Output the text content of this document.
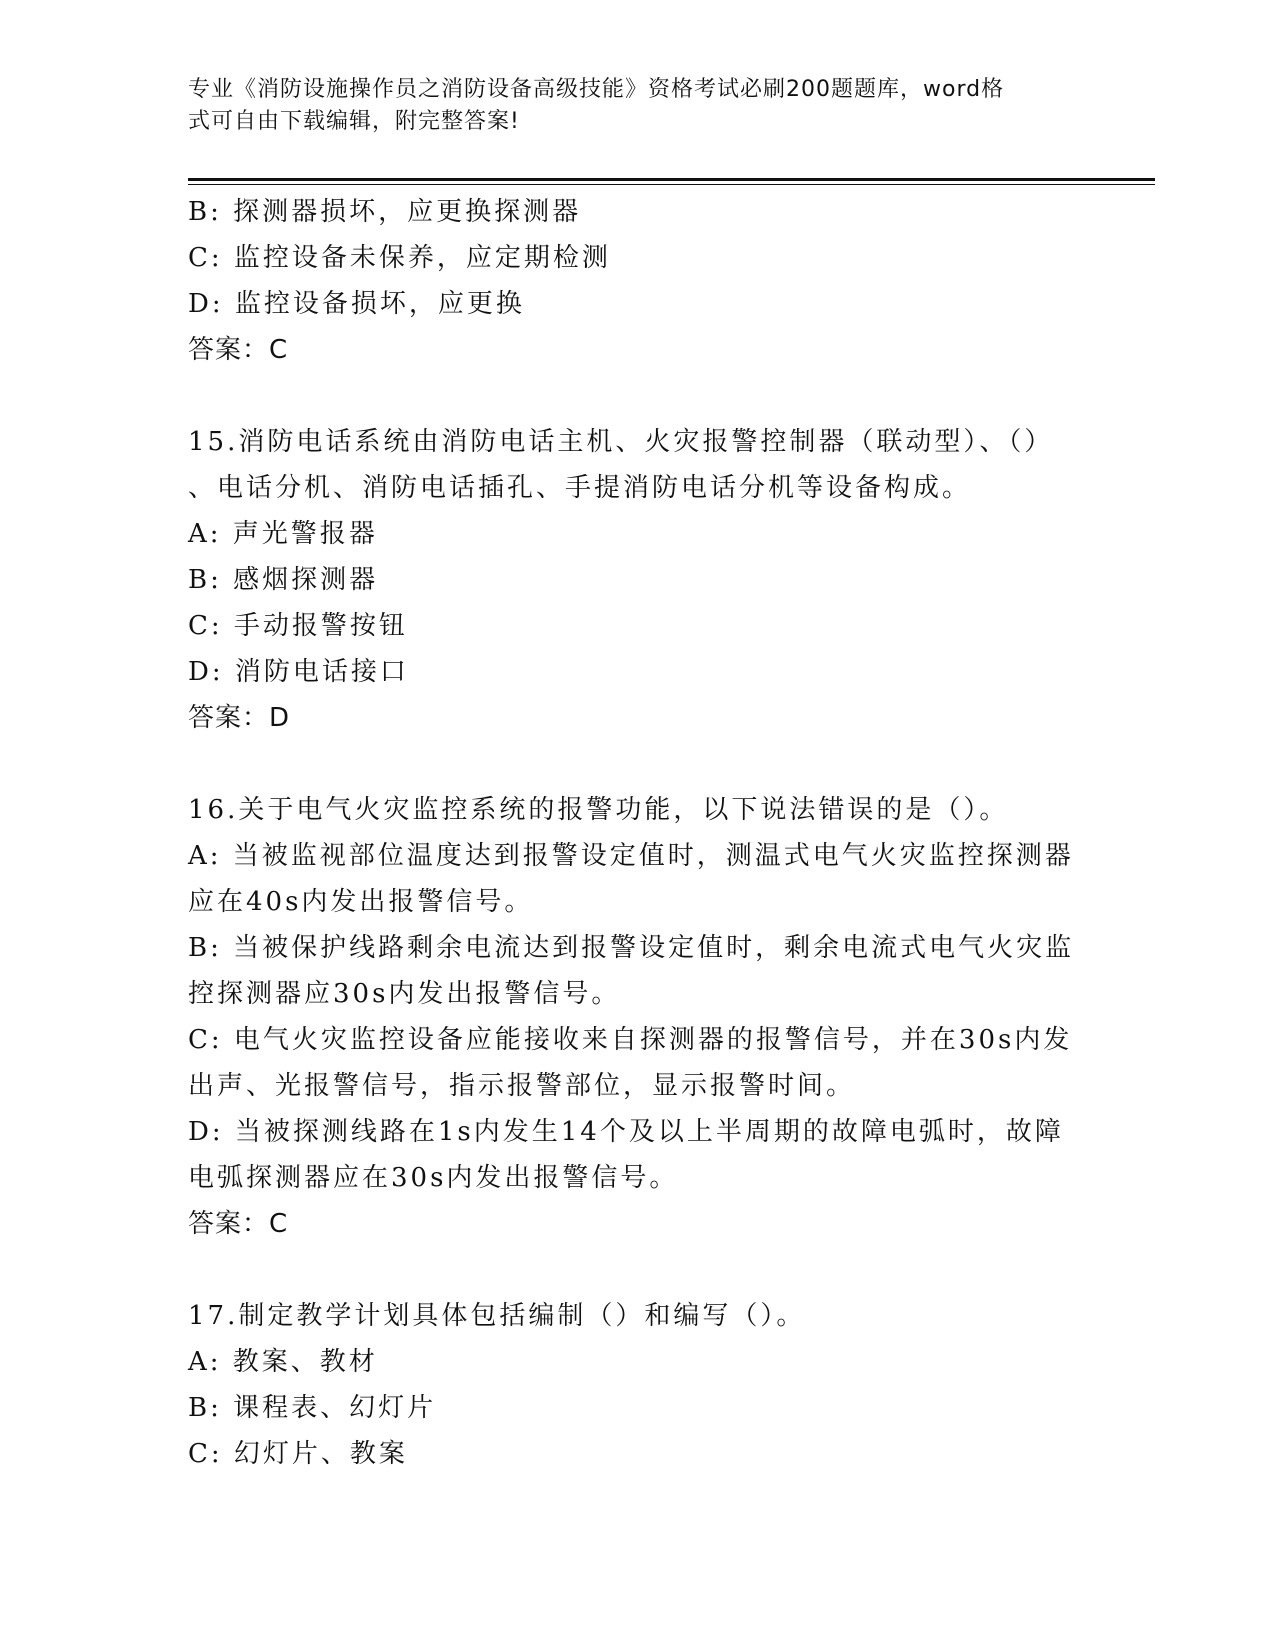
专业《消防设施操作员之消防设备高级技能》资格考试必刷200题题库，word格
式可自由下载编辑，附完整答案!

B: 探测器损坏，应更换探测器

C: 监控设备未保养，应定期检测

D: 监控设备损坏，应更换

答案：C

15.消防电话系统由消防电话主机、火灾报警控制器（联动型）、（）

、电话分机、消防电话插孔、手提消防电话分机等设备构成。

A: 声光警报器

B: 感烟探测器

C: 手动报警按钮

D: 消防电话接口

答案：D

16.关于电气火灾监控系统的报警功能，以下说法错误的是（）。

A: 当被监视部位温度达到报警设定值时，测温式电气火灾监控探测器

应在40s内发出报警信号。

B: 当被保护线路剩余电流达到报警设定值时，剩余电流式电气火灾监

控探测器应30s内发出报警信号。

C: 电气火灾监控设备应能接收来自探测器的报警信号，并在30s内发

出声、光报警信号，指示报警部位，显示报警时间。

D: 当被探测线路在1s内发生14个及以上半周期的故障电弧时，故障

电弧探测器应在30s内发出报警信号。

答案：C

17.制定教学计划具体包括编制（）和编写（）。

A: 教案、教材

B: 课程表、幻灯片

C: 幻灯片、教案
